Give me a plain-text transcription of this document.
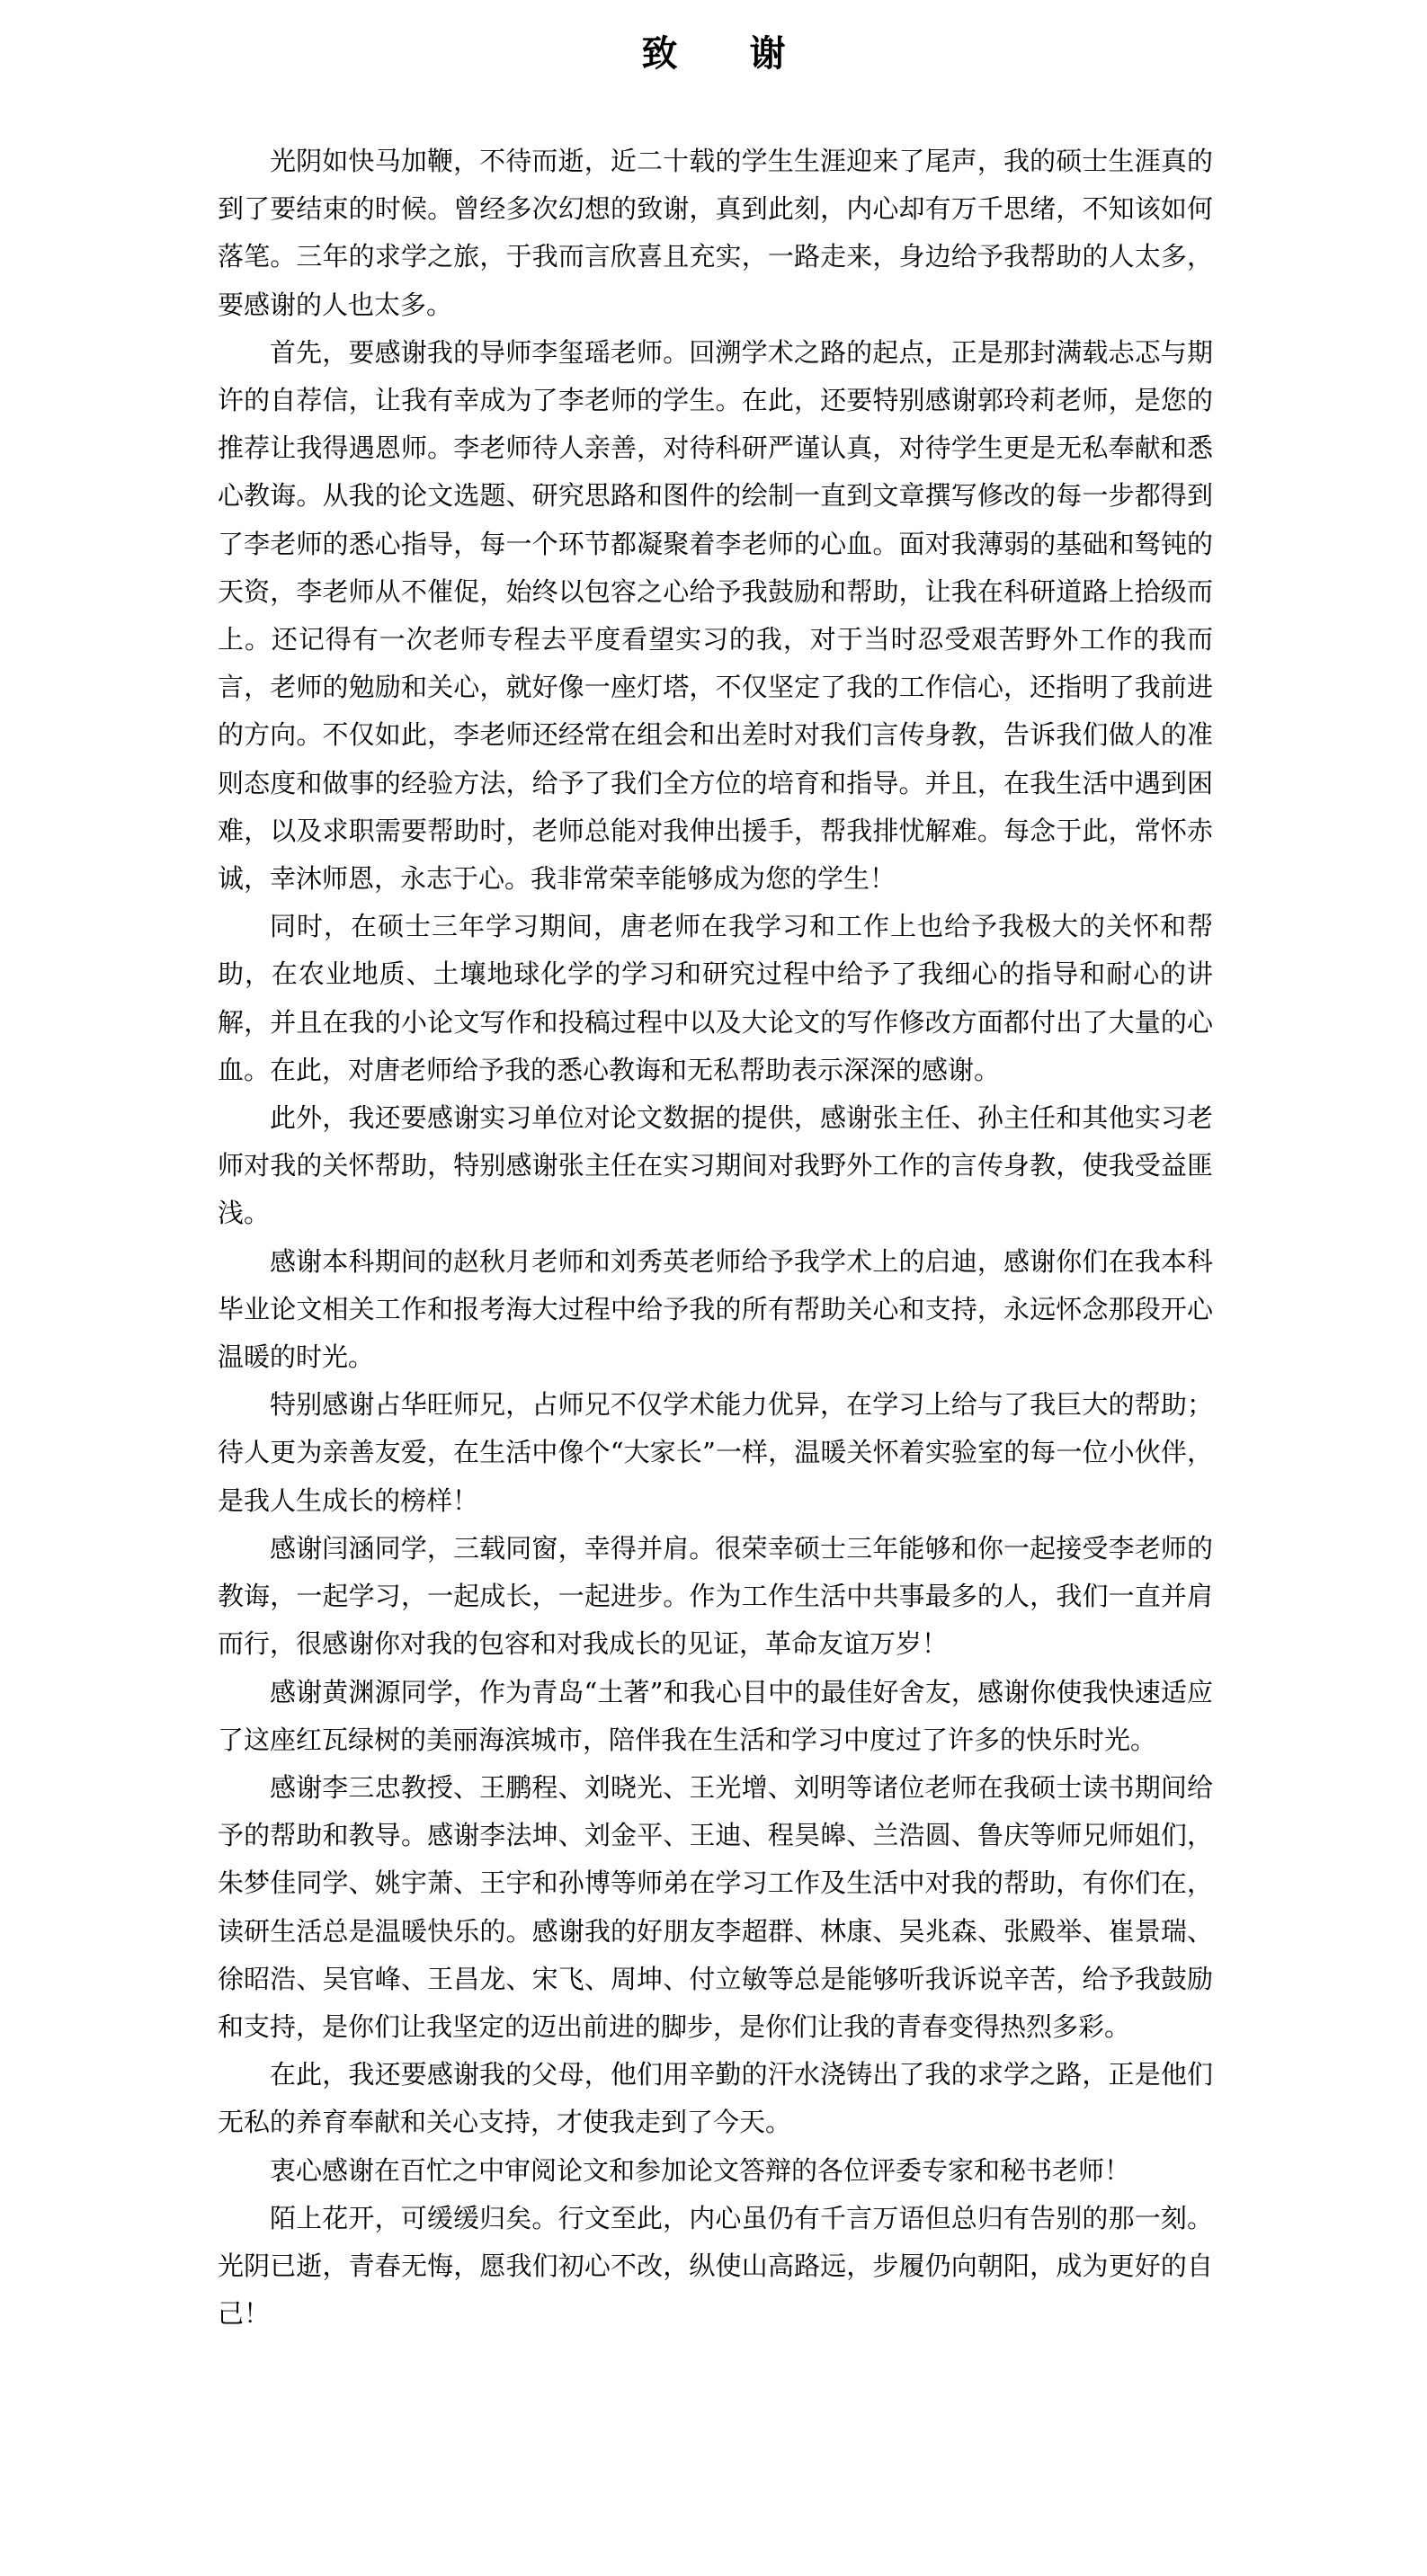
致　　谢

光阴如快马加鞭，不待而逝，近二十载的学生生涯迎来了尾声，我的硕士生涯真的到了要结束的时候。曾经多次幻想的致谢，真到此刻，内心却有万千思绪，不知该如何落笔。三年的求学之旅，于我而言欣喜且充实，一路走来，身边给予我帮助的人太多，要感谢的人也太多。

首先，要感谢我的导师李玺瑶老师。回溯学术之路的起点，正是那封满载忐忑与期许的自荐信，让我有幸成为了李老师的学生。在此，还要特别感谢郭玲莉老师，是您的推荐让我得遇恩师。李老师待人亲善，对待科研严谨认真，对待学生更是无私奉献和悉心教诲。从我的论文选题、研究思路和图件的绘制一直到文章撰写修改的每一步都得到了李老师的悉心指导，每一个环节都凝聚着李老师的心血。面对我薄弱的基础和驽钝的天资，李老师从不催促，始终以包容之心给予我鼓励和帮助，让我在科研道路上拾级而上。还记得有一次老师专程去平度看望实习的我，对于当时忍受艰苦野外工作的我而言，老师的勉励和关心，就好像一座灯塔，不仅坚定了我的工作信心，还指明了我前进的方向。不仅如此，李老师还经常在组会和出差时对我们言传身教，告诉我们做人的准则态度和做事的经验方法，给予了我们全方位的培育和指导。并且，在我生活中遇到困难，以及求职需要帮助时，老师总能对我伸出援手，帮我排忧解难。每念于此，常怀赤诚，幸沐师恩，永志于心。我非常荣幸能够成为您的学生！

同时，在硕士三年学习期间，唐老师在我学习和工作上也给予我极大的关怀和帮助，在农业地质、土壤地球化学的学习和研究过程中给予了我细心的指导和耐心的讲解，并且在我的小论文写作和投稿过程中以及大论文的写作修改方面都付出了大量的心血。在此，对唐老师给予我的悉心教诲和无私帮助表示深深的感谢。

此外，我还要感谢实习单位对论文数据的提供，感谢张主任、孙主任和其他实习老师对我的关怀帮助，特别感谢张主任在实习期间对我野外工作的言传身教，使我受益匪浅。

感谢本科期间的赵秋月老师和刘秀英老师给予我学术上的启迪，感谢你们在我本科毕业论文相关工作和报考海大过程中给予我的所有帮助关心和支持，永远怀念那段开心温暖的时光。

特别感谢占华旺师兄，占师兄不仅学术能力优异，在学习上给与了我巨大的帮助；待人更为亲善友爱，在生活中像个“大家长”一样，温暖关怀着实验室的每一位小伙伴，是我人生成长的榜样！

感谢闫涵同学，三载同窗，幸得并肩。很荣幸硕士三年能够和你一起接受李老师的教诲，一起学习，一起成长，一起进步。作为工作生活中共事最多的人，我们一直并肩而行，很感谢你对我的包容和对我成长的见证，革命友谊万岁！

感谢黄渊源同学，作为青岛“土著”和我心目中的最佳好舍友，感谢你使我快速适应了这座红瓦绿树的美丽海滨城市，陪伴我在生活和学习中度过了许多的快乐时光。

感谢李三忠教授、王鹏程、刘晓光、王光增、刘明等诸位老师在我硕士读书期间给予的帮助和教导。感谢李法坤、刘金平、王迪、程昊皞、兰浩圆、鲁庆等师兄师姐们，朱梦佳同学、姚宇萧、王宇和孙博等师弟在学习工作及生活中对我的帮助，有你们在，读研生活总是温暖快乐的。感谢我的好朋友李超群、林康、吴兆森、张殿举、崔景瑞、徐昭浩、吴官峰、王昌龙、宋飞、周坤、付立敏等总是能够听我诉说辛苦，给予我鼓励和支持，是你们让我坚定的迈出前进的脚步，是你们让我的青春变得热烈多彩。

在此，我还要感谢我的父母，他们用辛勤的汗水浇铸出了我的求学之路，正是他们无私的养育奉献和关心支持，才使我走到了今天。

衷心感谢在百忙之中审阅论文和参加论文答辩的各位评委专家和秘书老师！

陌上花开，可缓缓归矣。行文至此，内心虽仍有千言万语但总归有告别的那一刻。光阴已逝，青春无悔，愿我们初心不改，纵使山高路远，步履仍向朝阳，成为更好的自己！
